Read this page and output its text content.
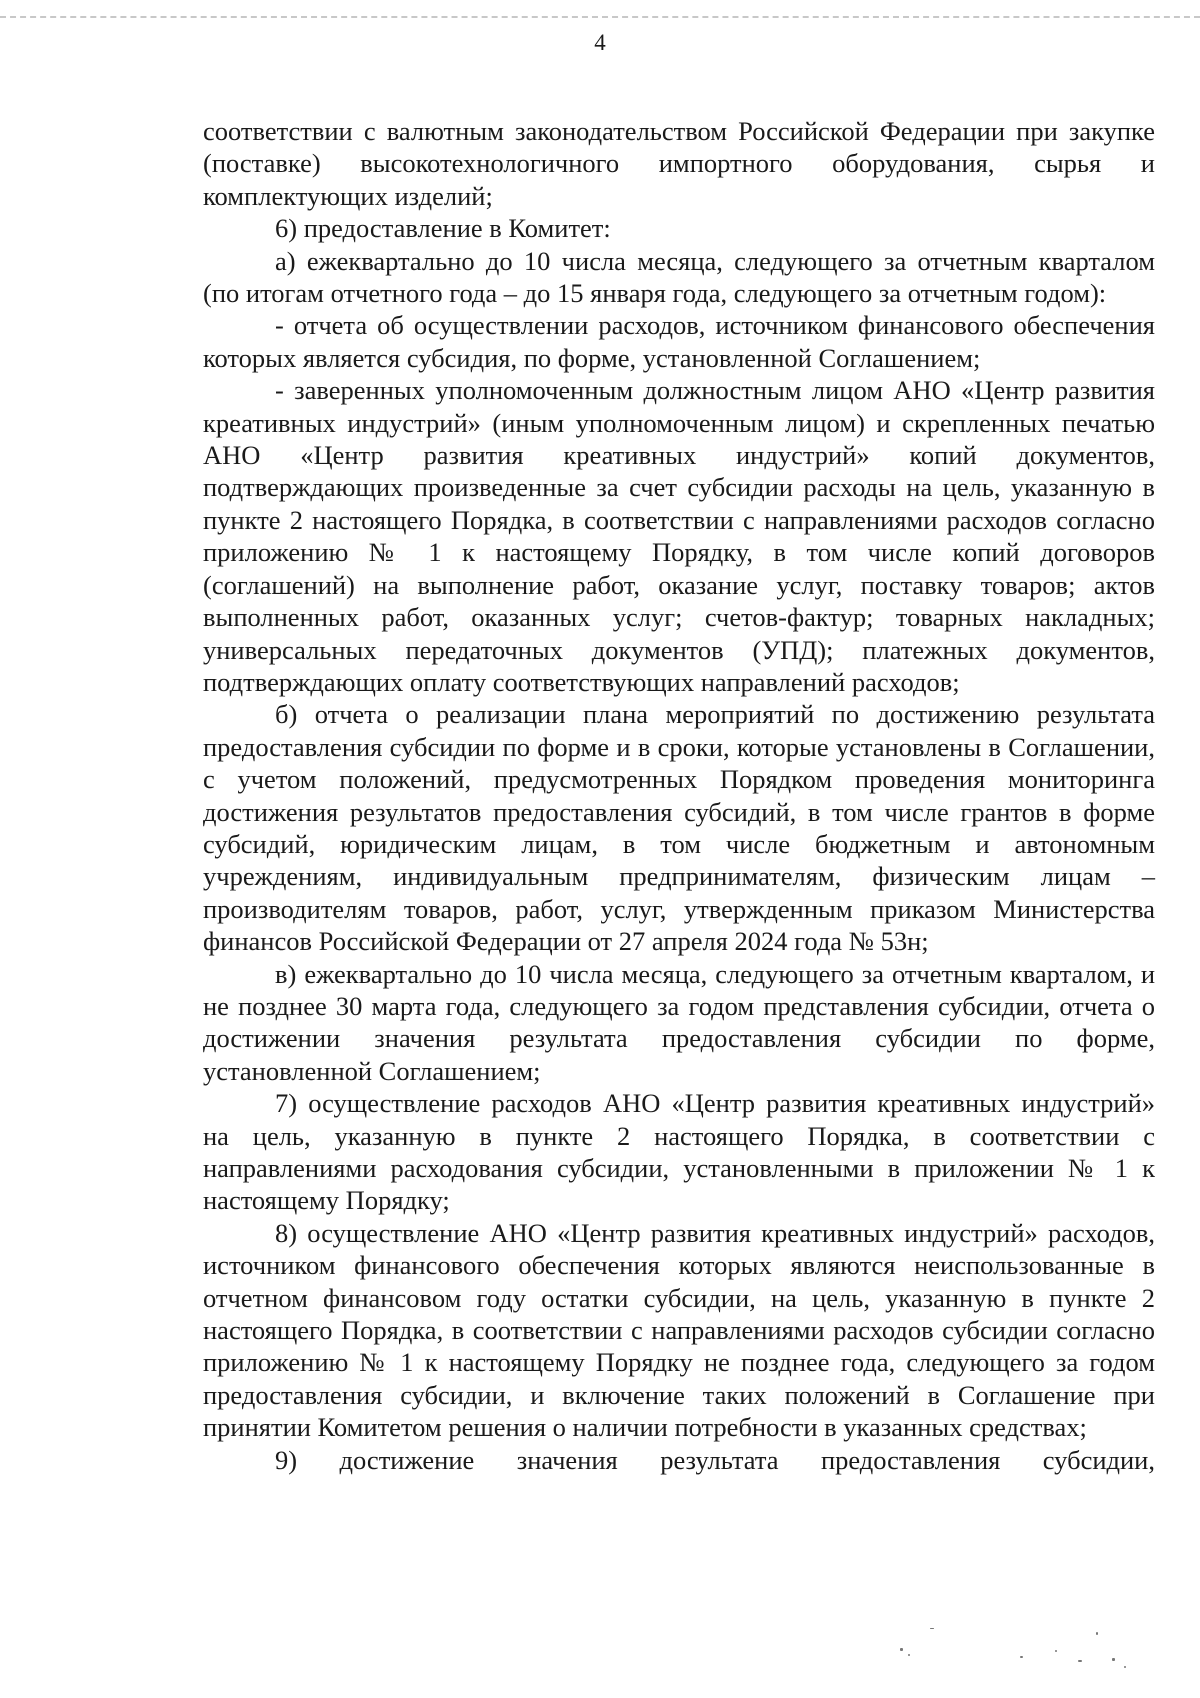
4

соответствии с валютным законодательством Российской Федерации при закупке (поставке) высокотехнологичного импортного оборудования, сырья и комплектующих изделий;

6) предоставление в Комитет:

а) ежеквартально до 10 числа месяца, следующего за отчетным кварталом (по итогам отчетного года – до 15 января года, следующего за отчетным годом):

- отчета об осуществлении расходов, источником финансового обеспечения которых является субсидия, по форме, установленной Соглашением;

- заверенных уполномоченным должностным лицом АНО «Центр развития креативных индустрий» (иным уполномоченным лицом) и скрепленных печатью АНО «Центр развития креативных индустрий» копий документов, подтверждающих произведенные за счет субсидии расходы на цель, указанную в пункте 2 настоящего Порядка, в соответствии с направлениями расходов согласно приложению № 1 к настоящему Порядку, в том числе копий договоров (соглашений) на выполнение работ, оказание услуг, поставку товаров; актов выполненных работ, оказанных услуг; счетов-фактур; товарных накладных; универсальных передаточных документов (УПД); платежных документов, подтверждающих оплату соответствующих направлений расходов;

б) отчета о реализации плана мероприятий по достижению результата предоставления субсидии по форме и в сроки, которые установлены в Соглашении, с учетом положений, предусмотренных Порядком проведения мониторинга достижения результатов предоставления субсидий, в том числе грантов в форме субсидий, юридическим лицам, в том числе бюджетным и автономным учреждениям, индивидуальным предпринимателям, физическим лицам – производителям товаров, работ, услуг, утвержденным приказом Министерства финансов Российской Федерации от 27 апреля 2024 года № 53н;

в) ежеквартально до 10 числа месяца, следующего за отчетным кварталом, и не позднее 30 марта года, следующего за годом представления субсидии, отчета о достижении значения результата предоставления субсидии по форме, установленной Соглашением;

7) осуществление расходов АНО «Центр развития креативных индустрий» на цель, указанную в пункте 2 настоящего Порядка, в соответствии с направлениями расходования субсидии, установленными в приложении № 1 к настоящему Порядку;

8) осуществление АНО «Центр развития креативных индустрий» расходов, источником финансового обеспечения которых являются неиспользованные в отчетном финансовом году остатки субсидии, на цель, указанную в пункте 2 настоящего Порядка, в соответствии с направлениями расходов субсидии согласно приложению № 1 к настоящему Порядку не позднее года, следующего за годом предоставления субсидии, и включение таких положений в Соглашение при принятии Комитетом решения о наличии потребности в указанных средствах;

9) достижение значения результата предоставления субсидии,
